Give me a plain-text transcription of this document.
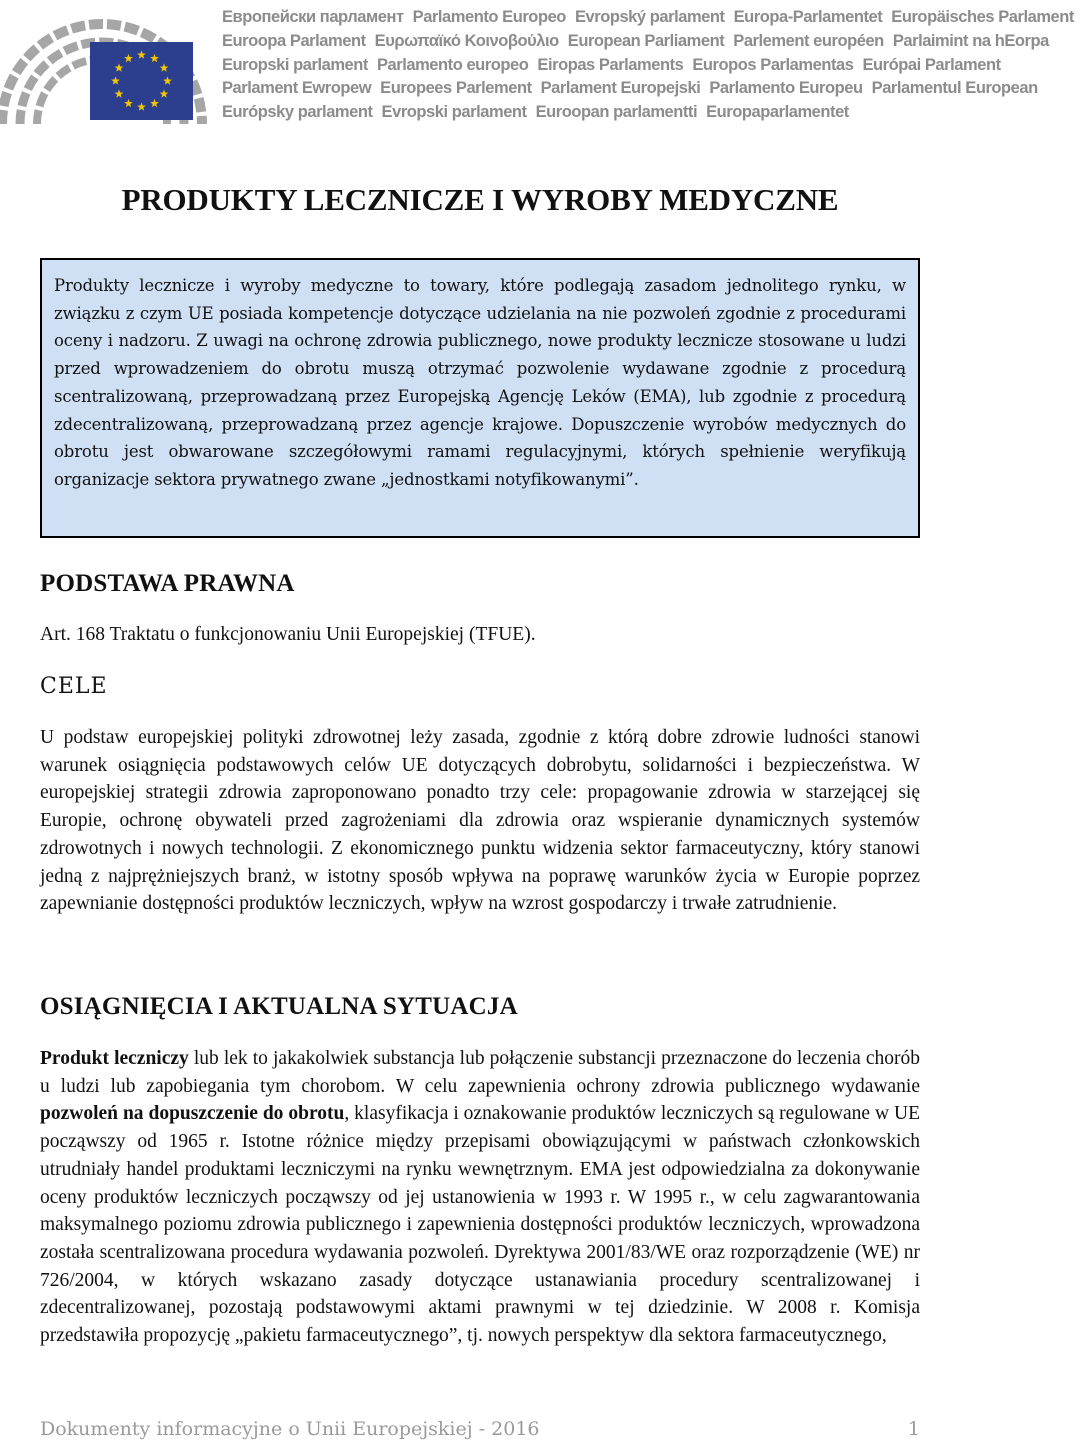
Европейски парламент Parlamento Europeo Evropský parlament Europa-Parlamentet Europäisches Parlament
Euroopa Parlament Ευρωπαϊκό Κοινοβούλιο European Parliament Parlement européen Parlaimint na hEorpa
Europski parlament Parlamento europeo Eiropas Parlaments Europos Parlamentas Európai Parlament
Parlament Ewropew Europees Parlement Parlament Europejski Parlamento Europeu Parlamentul European
Európsky parlament Evropski parlament Euroopan parlamentti Europaparlamentet
PRODUKTY LECZNICZE I WYROBY MEDYCZNE

Produkty lecznicze i wyroby medyczne to towary, które podlegają zasadom jednolitego rynku, w związku z czym UE posiada kompetencje dotyczące udzielania na nie pozwoleń zgodnie z procedurami oceny i nadzoru. Z uwagi na ochronę zdrowia publicznego, nowe produkty lecznicze stosowane u ludzi przed wprowadzeniem do obrotu muszą otrzymać pozwolenie wydawane zgodnie z procedurą scentralizowaną, przeprowadzaną przez Europejską Agencję Leków (EMA), lub zgodnie z procedurą zdecentralizowaną, przeprowadzaną przez agencje krajowe. Dopuszczenie wyrobów medycznych do obrotu jest obwarowane szczegółowymi ramami regulacyjnymi, których spełnienie weryfikują organizacje sektora prywatnego zwane „jednostkami notyfikowanymi”.

PODSTAWA PRAWNA

Art. 168 Traktatu o funkcjonowaniu Unii Europejskiej (TFUE).

CELE

U podstaw europejskiej polityki zdrowotnej leży zasada, zgodnie z którą dobre zdrowie ludności stanowi warunek osiągnięcia podstawowych celów UE dotyczących dobrobytu, solidarności i bezpieczeństwa. W europejskiej strategii zdrowia zaproponowano ponadto trzy cele: propagowanie zdrowia w starzejącej się Europie, ochronę obywateli przed zagrożeniami dla zdrowia oraz wspieranie dynamicznych systemów zdrowotnych i nowych technologii. Z ekonomicznego punktu widzenia sektor farmaceutyczny, który stanowi jedną z najprężniejszych branż, w istotny sposób wpływa na poprawę warunków życia w Europie poprzez zapewnianie dostępności produktów leczniczych, wpływ na wzrost gospodarczy i trwałe zatrudnienie.

OSIĄGNIĘCIA I AKTUALNA SYTUACJA

Produkt leczniczy lub lek to jakakolwiek substancja lub połączenie substancji przeznaczone do leczenia chorób u ludzi lub zapobiegania tym chorobom. W celu zapewnienia ochrony zdrowia publicznego wydawanie pozwoleń na dopuszczenie do obrotu, klasyfikacja i oznakowanie produktów leczniczych są regulowane w UE począwszy od 1965 r. Istotne różnice między przepisami obowiązującymi w państwach członkowskich utrudniały handel produktami leczniczymi na rynku wewnętrznym. EMA jest odpowiedzialna za dokonywanie oceny produktów leczniczych począwszy od jej ustanowienia w 1993 r. W 1995 r., w celu zagwarantowania maksymalnego poziomu zdrowia publicznego i zapewnienia dostępności produktów leczniczych, wprowadzona została scentralizowana procedura wydawania pozwoleń. Dyrektywa 2001/83/WE oraz rozporządzenie (WE) nr 726/2004, w których wskazano zasady dotyczące ustanawiania procedury scentralizowanej i zdecentralizowanej, pozostają podstawowymi aktami prawnymi w tej dziedzinie. W 2008 r. Komisja przedstawiła propozycję „pakietu farmaceutycznego”, tj. nowych perspektyw dla sektora farmaceutycznego,

Dokumenty informacyjne o Unii Europejskiej - 2016	1
